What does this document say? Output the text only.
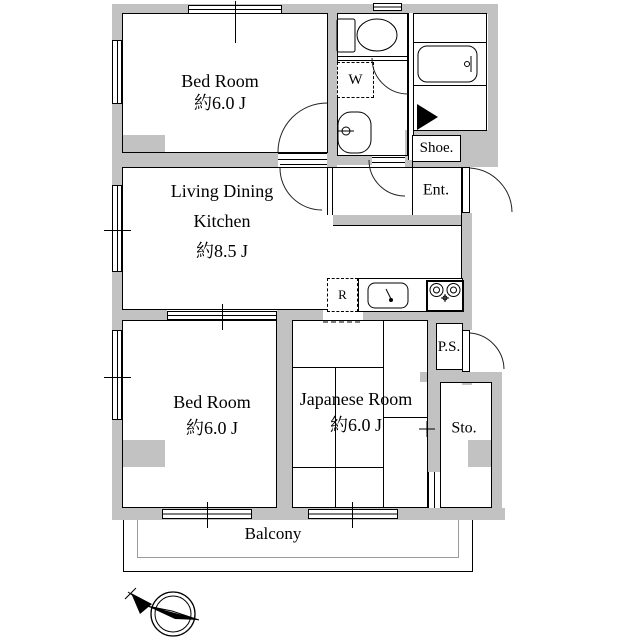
W
R
Shoe.
Bed Room
約6.0 J
Living Dining
Kitchen
約8.5 J
Bed Room
約6.0 J
Japanese Room
約6.0 J
Ent.
P.S.
Sto.
Balcony
